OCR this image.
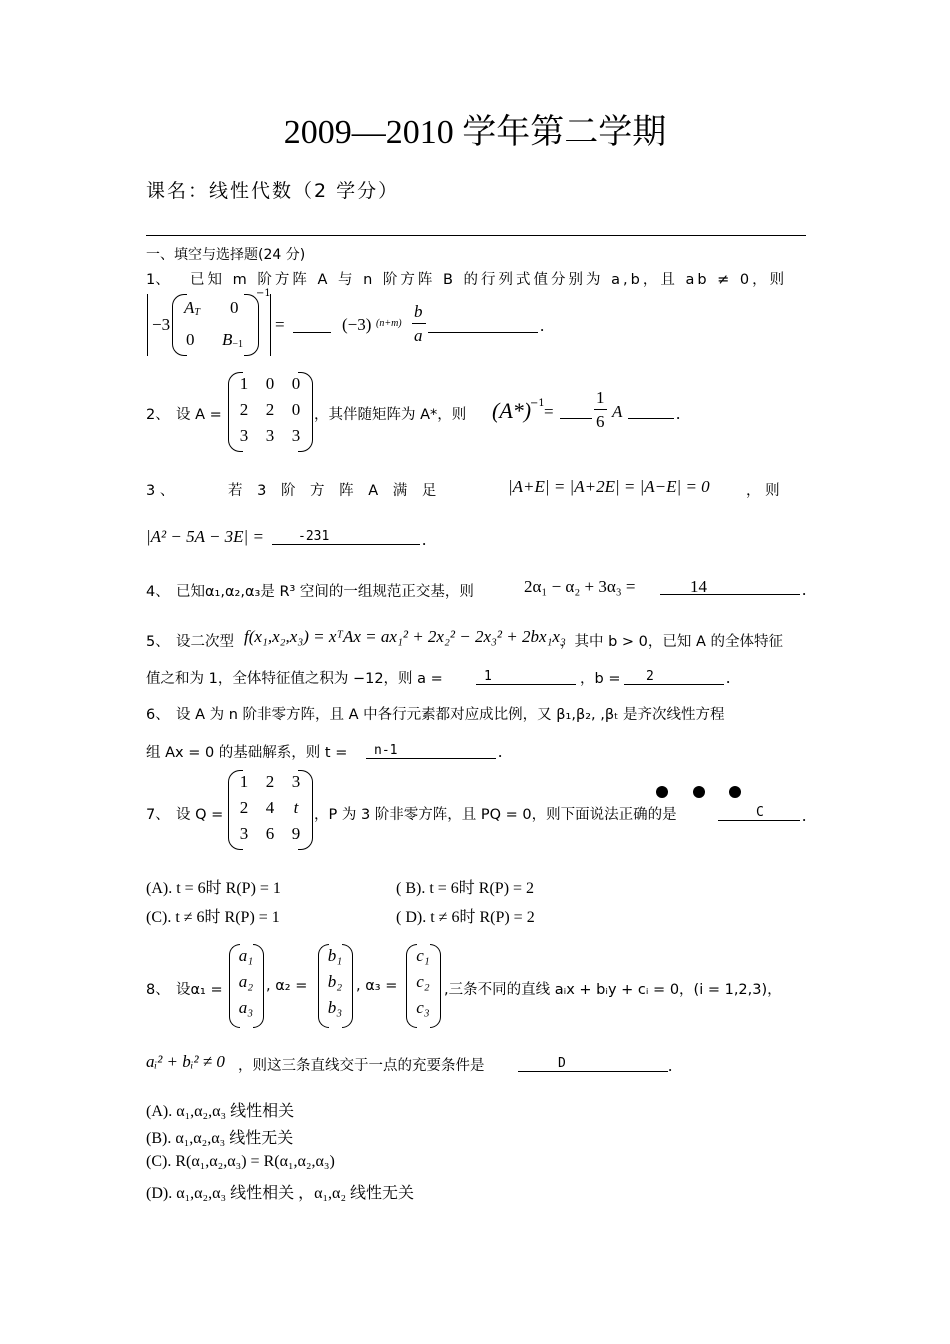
2009—2010 学年第二学期
课名：线性代数（2 学分）
一、填空与选择题(24 分)
1、 已知 m 阶方阵 A 与 n 阶方阵 B 的行列式值分别为 a,b，且 ab ≠ 0，则
−3
AT 0
0 B−1
−1
=	(−3) (n+m)
b
a
.
2、 设 A =
1	0	0
2	2	0
3	3	3
，其伴随矩阵为 A*，则 (A*)
−1 =
1
6
A	.
3 、	若 3 阶 方 阵 A 满 足	|A+E| = |A+2E| = |A−E| = 0	， 则
|A² − 5A − 3E| =	-231	.
4、 已知α₁,α₂,α₃是 R³ 空间的一组规范正交基，则	2α₁ − α₂ + 3α₃ =	14	.
5、 设二次型 f(x₁,x₂,x₃) = xᵀAx = ax₁² + 2x₂² − 2x₃² + 2bx₁x₃
，其中 b > 0，已知 A 的全体特征
值之和为 1，全体特征值之积为 −12，则 a =	1	，b = 2	.
6、 设 A 为 n 阶非零方阵，且 A 中各行元素都对应成比例，又 β₁,β₂, ,βₜ 是齐次线性方程
组 Ax = 0 的基础解系，则 t = n-1	.
7、 设 Q =
1	2	3
2	4	t
3	6	9
，P 为 3 阶非零方阵，且 PQ = 0，则下面说法正确的是	C .
(A). t = 6时 R(P) = 1	( B). t = 6时 R(P) = 2
(C). t ≠ 6时 R(P) = 1	( D). t ≠ 6时 R(P) = 2
8、 设α₁ =
a₁
a₂
a₃
, α₂ =
b₁
b₂
b₃
, α₃ =
c₁
c₂
c₃
,三条不同的直线 aᵢx + bᵢy + cᵢ = 0，(i = 1,2,3)，
aᵢ² + bᵢ² ≠ 0 ，则这三条直线交于一点的充要条件是	D	.
(A). α₁,α₂,α₃ 线性相关
(B). α₁,α₂,α₃ 线性无关
(C). R(α₁,α₂,α₃) = R(α₁,α₂,α₃)
(D). α₁,α₂,α₃ 线性相关 ，α₁,α₂ 线性无关
